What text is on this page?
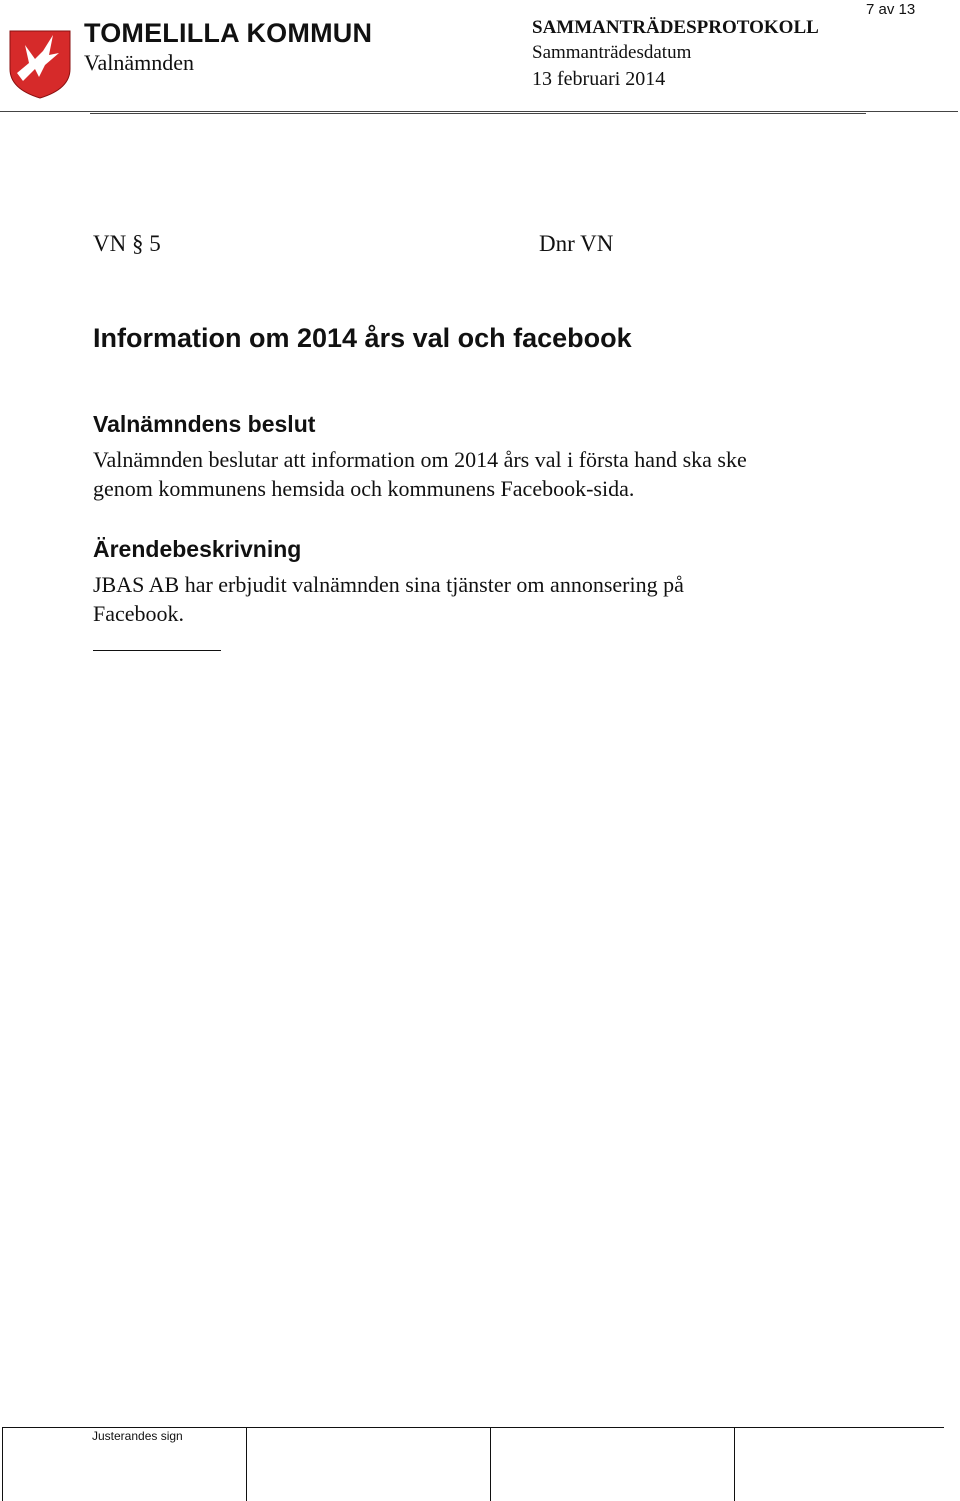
TOMELILLA KOMMUN
Valnämnden
SAMMANTRÄDESPROTOKOLL
Sammanträdesdatum
13 februari 2014
7 av 13
VN § 5	Dnr VN
Information om 2014 års val och facebook
Valnämndens beslut
Valnämnden beslutar att information om 2014 års val i första hand ska ske
genom kommunens hemsida och kommunens Facebook-sida.
Ärendebeskrivning
JBAS AB har erbjudit valnämnden sina tjänster om annonsering på
Facebook.
Justerandes sign
